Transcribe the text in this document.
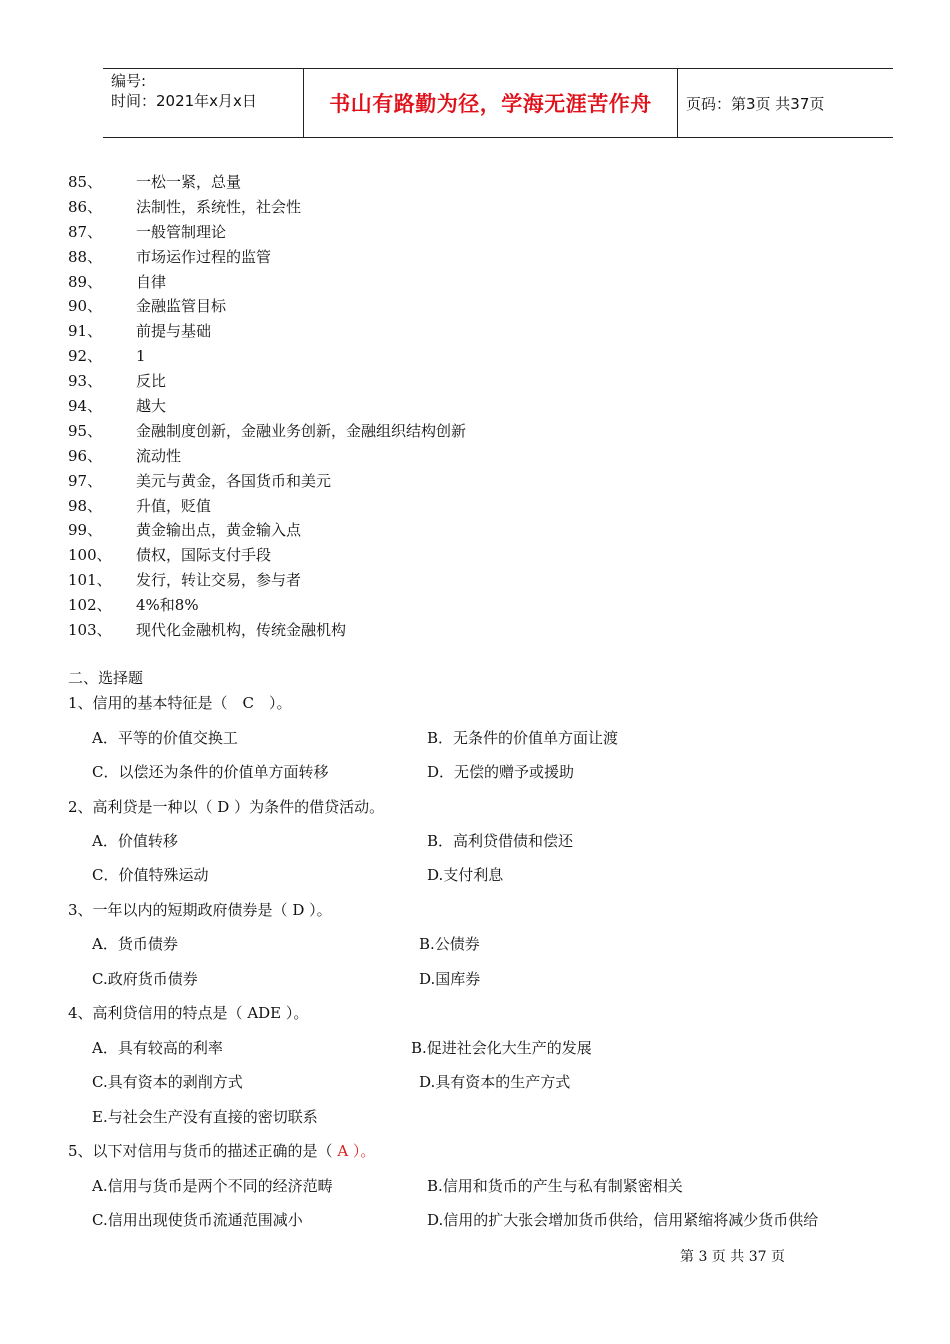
编号:
时间：2021年x月x日	书山有路勤为径，学海无涯苦作舟	页码：第3页 共37页
85、	一松一紧，总量
86、	法制性，系统性，社会性
87、	一般管制理论
88、	市场运作过程的监管
89、	自律
90、	金融监管目标
91、	前提与基础
92、	1
93、	反比
94、	越大
95、	金融制度创新，金融业务创新，金融组织结构创新
96、	流动性
97、	美元与黄金，各国货币和美元
98、	升值，贬值
99、	黄金输出点，黄金输入点
100、	债权，国际支付手段
101、	发行，转让交易，参与者
102、	4%和8%
103、	现代化金融机构，传统金融机构
二、选择题
1、信用的基本特征是（　C　）。
A．平等的价值交换工	B．无条件的价值单方面让渡
C．以偿还为条件的价值单方面转移	D．无偿的赠予或援助
2、高利贷是一种以（ D ）为条件的借贷活动。
A．价值转移	B．高利贷借债和偿还
C．价值特殊运动	D.支付利息
3、一年以内的短期政府债券是（ D ）。
A．货币债券	B.公债券
C.政府货币债券	D.国库券
4、高利贷信用的特点是（ ADE ）。
A．具有较高的利率	B.促进社会化大生产的发展
C.具有资本的剥削方式	D.具有资本的生产方式
E.与社会生产没有直接的密切联系
5、以下对信用与货币的描述正确的是（ A ）。
A.信用与货币是两个不同的经济范畴	B.信用和货币的产生与私有制紧密相关
C.信用出现使货币流通范围减小	D.信用的扩大张会增加货币供给，信用紧缩将减少货币供给
第 3 页 共 37 页
